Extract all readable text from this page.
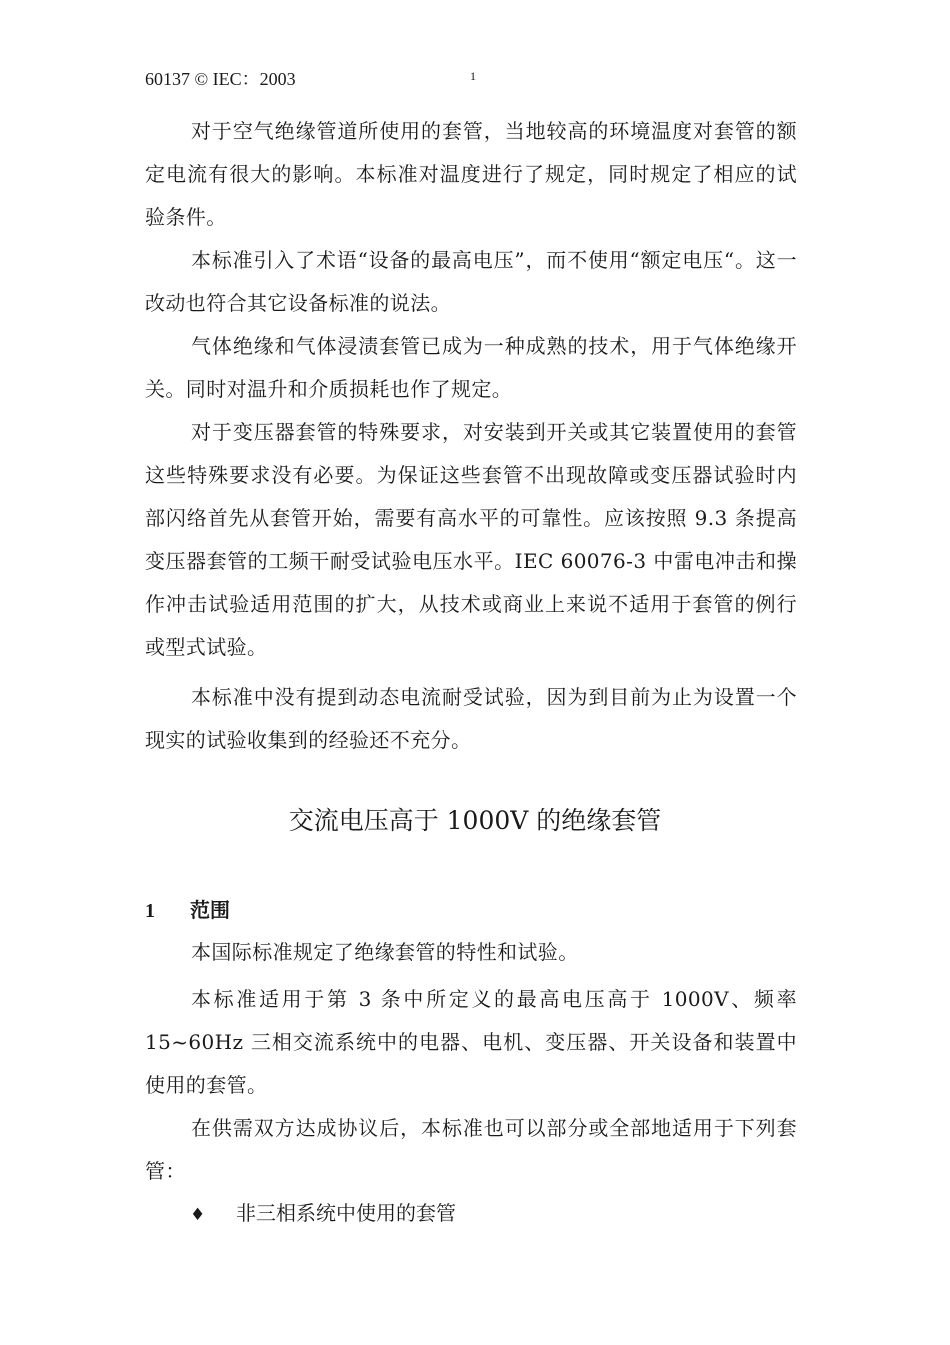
60137 © IEC：2003	1

对于空气绝缘管道所使用的套管，当地较高的环境温度对套管的额定电流有很大的影响。本标准对温度进行了规定，同时规定了相应的试验条件。

本标准引入了术语“设备的最高电压”，而不使用“额定电压“。这一改动也符合其它设备标准的说法。

气体绝缘和气体浸渍套管已成为一种成熟的技术，用于气体绝缘开关。同时对温升和介质损耗也作了规定。

对于变压器套管的特殊要求，对安装到开关或其它装置使用的套管这些特殊要求没有必要。为保证这些套管不出现故障或变压器试验时内部闪络首先从套管开始，需要有高水平的可靠性。应该按照 9.3 条提高变压器套管的工频干耐受试验电压水平。IEC 60076-3 中雷电冲击和操作冲击试验适用范围的扩大，从技术或商业上来说不适用于套管的例行或型式试验。

本标准中没有提到动态电流耐受试验，因为到目前为止为设置一个现实的试验收集到的经验还不充分。

交流电压高于 1000V 的绝缘套管
1 范围

本国际标准规定了绝缘套管的特性和试验。

本标准适用于第 3 条中所定义的最高电压高于 1000V、频率 15~60Hz 三相交流系统中的电器、电机、变压器、开关设备和装置中使用的套管。

在供需双方达成协议后，本标准也可以部分或全部地适用于下列套管：

♦ 非三相系统中使用的套管
